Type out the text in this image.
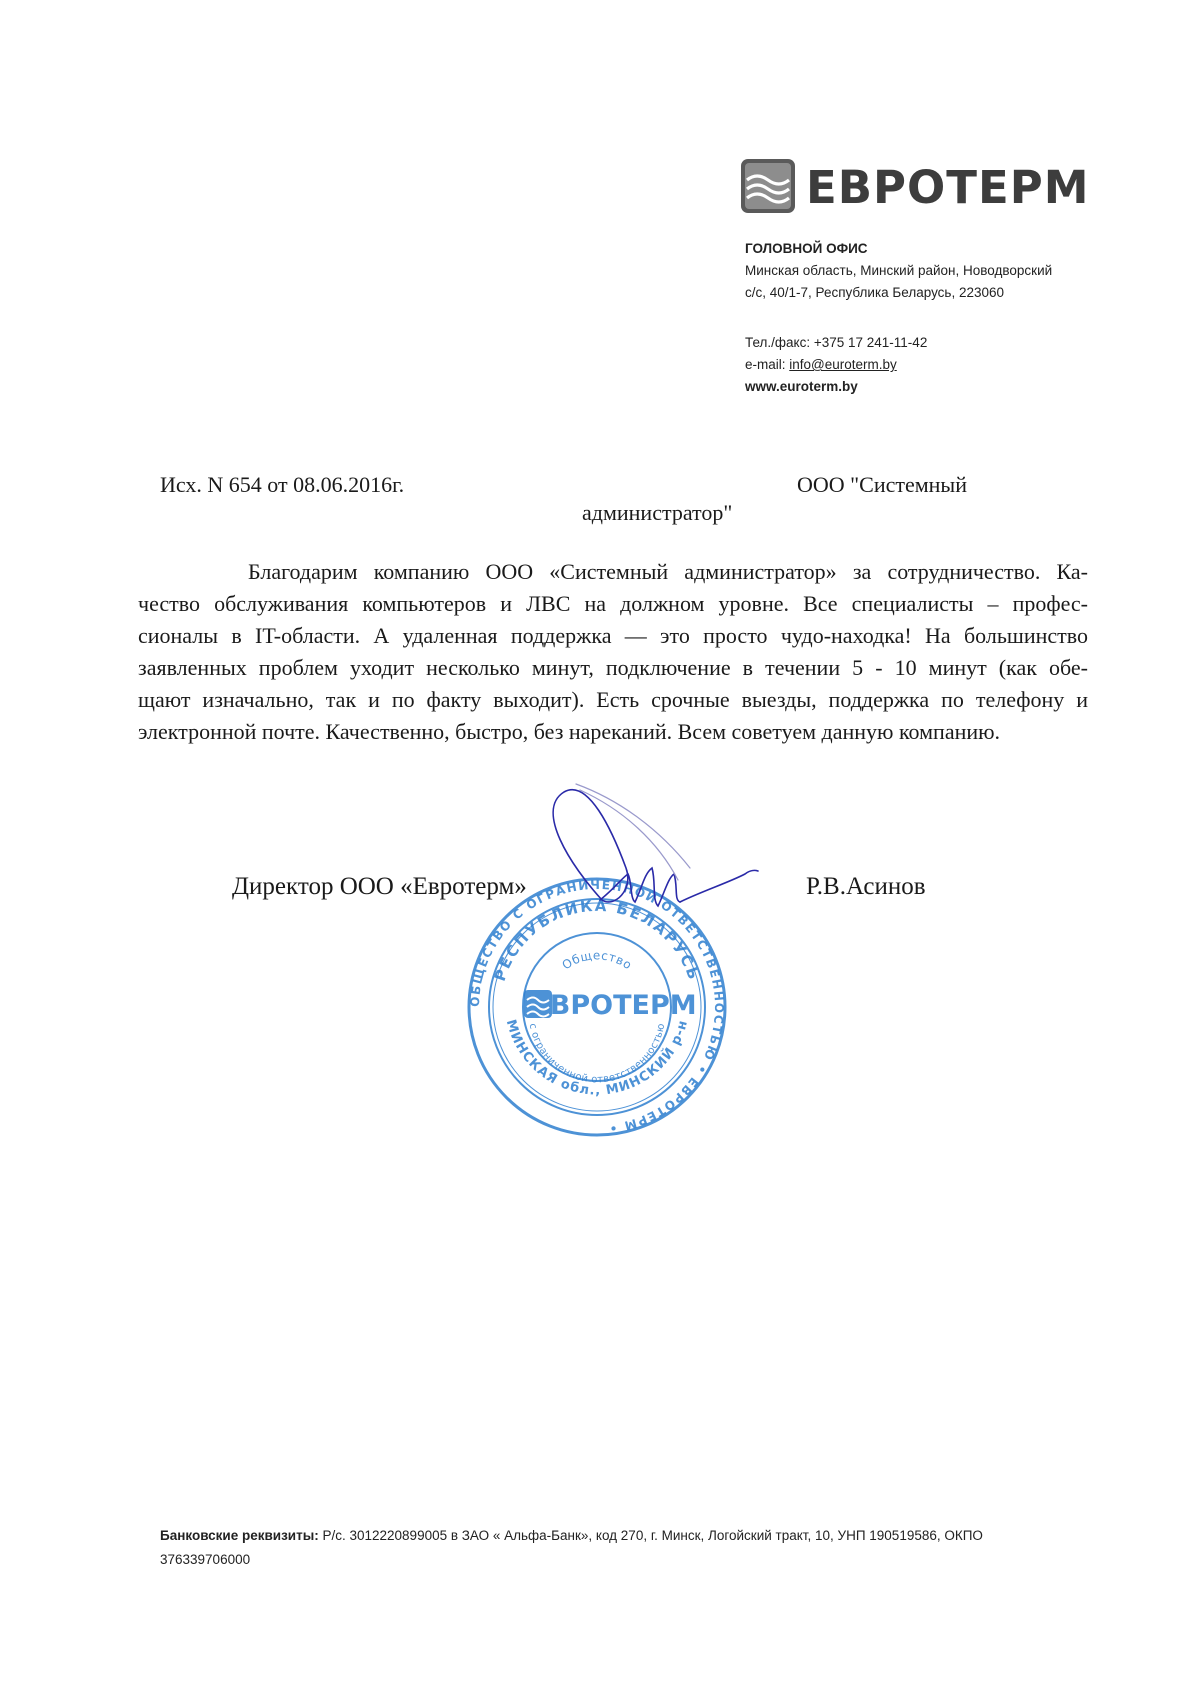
ЕВРОТЕРМ
ГОЛОВНОЙ ОФИС
Минская область, Минский район, Новодворский
с/с, 40/1-7, Республика Беларусь, 223060
Тел./факс: +375 17 241-11-42
e-mail: info@euroterm.by
www.euroterm.by
Исх. N 654 от 08.06.2016г.	ООО "Системный
администратор"
Благодарим компанию ООО «Системный администратор» за сотрудничество. Ка-
чество обслуживания компьютеров и ЛВС на должном уровне. Все специалисты – профес-
сионалы в IT-области. А удаленная поддержка — это просто чудо-находка! На большинство
заявленных проблем уходит несколько минут, подключение в течении 5 - 10 минут (как обе-
щают изначально, так и по факту выходит). Есть срочные выезды, поддержка по телефону и
электронной почте. Качественно, быстро, без нареканий. Всем советуем данную компанию.
ОБЩЕСТВО С ОГРАНИЧЕННОЙ ОТВЕТСТВЕННОСТЬЮ • ЕВРОТЕРМ •
РЕСПУБЛИКА БЕЛАРУСЬ
МИНСКАЯ обл., МИНСКИЙ р-н
Общество
с ограниченной ответственностью
ЕВРОТЕРМ
Директор ООО «Евротерм»	Р.В.Асинов
Банковские реквизиты: Р/с. 3012220899005 в ЗАО « Альфа-Банк», код 270, г. Минск, Логойский тракт, 10, УНП 190519586, ОКПО
376339706000
